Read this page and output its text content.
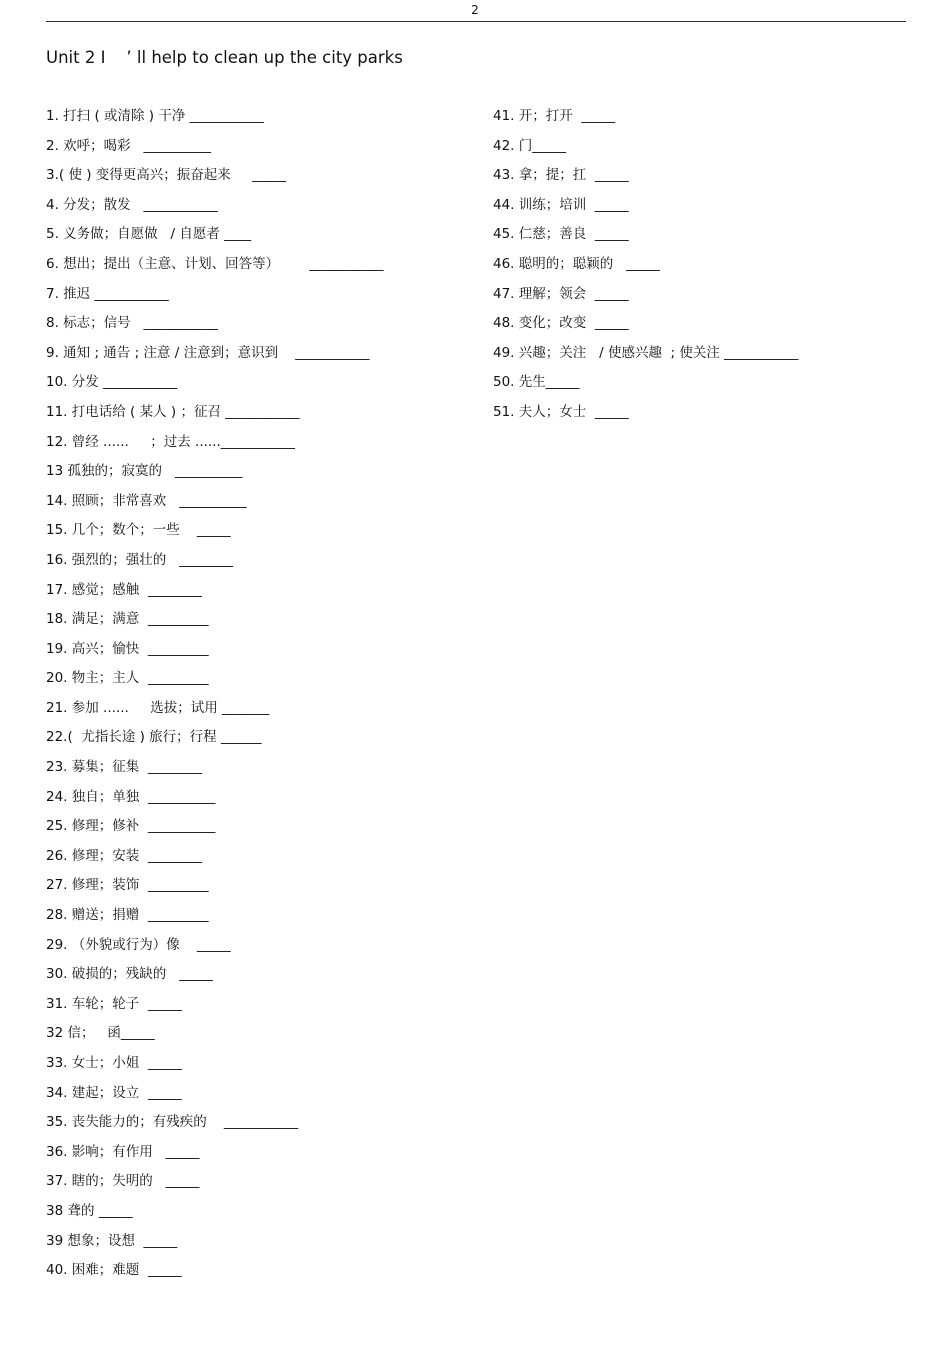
2
Unit 2 I    ’ ll help to clean up the city parks
1. 打扫 ( 或清除 ) 干净 ___________
2. 欢呼；喝彩   __________
3.( 使 ) 变得更高兴；振奋起来     _____
4. 分发；散发   ___________
5. 义务做；自愿做   / 自愿者 ____
6. 想出；提出（主意、计划、回答等）       ___________
7. 推迟 ___________
8. 标志；信号   ___________
9. 通知 ; 通告 ; 注意 / 注意到；意识到    ___________
10. 分发 ___________
11. 打电话给 ( 某人 ) ；征召 ___________
12. 曾经 ......     ；过去 ......___________
13 孤独的；寂寞的   __________
14. 照顾；非常喜欢   __________
15. 几个；数个；一些    _____
16. 强烈的；强壮的   ________
17. 感觉；感触  ________
18. 满足；满意  _________
19. 高兴；愉快  _________
20. 物主；主人  _________
21. 参加 ......     选拔；试用 _______
22.(  尤指长途 ) 旅行；行程 ______
23. 募集；征集  ________
24. 独自；单独  __________
25. 修理；修补  __________
26. 修理；安装  ________
27. 修理；装饰  _________
28. 赠送；捐赠  _________
29. （外貌或行为）像    _____
30. 破损的；残缺的   _____
31. 车轮；轮子  _____
32 信；   函_____
33. 女士；小姐  _____
34. 建起；设立  _____
35. 丧失能力的；有残疾的    ___________
36. 影响；有作用   _____
37. 瞎的；失明的   _____
38 聋的 _____
39 想象；设想  _____
40. 困难；难题  _____
41. 开；打开  _____
42. 门_____
43. 拿；提；扛  _____
44. 训练；培训  _____
45. 仁慈；善良  _____
46. 聪明的；聪颖的   _____
47. 理解；领会  _____
48. 变化；改变  _____
49. 兴趣；关注   / 使感兴趣  ; 使关注 ___________
50. 先生_____
51. 夫人；女士  _____
